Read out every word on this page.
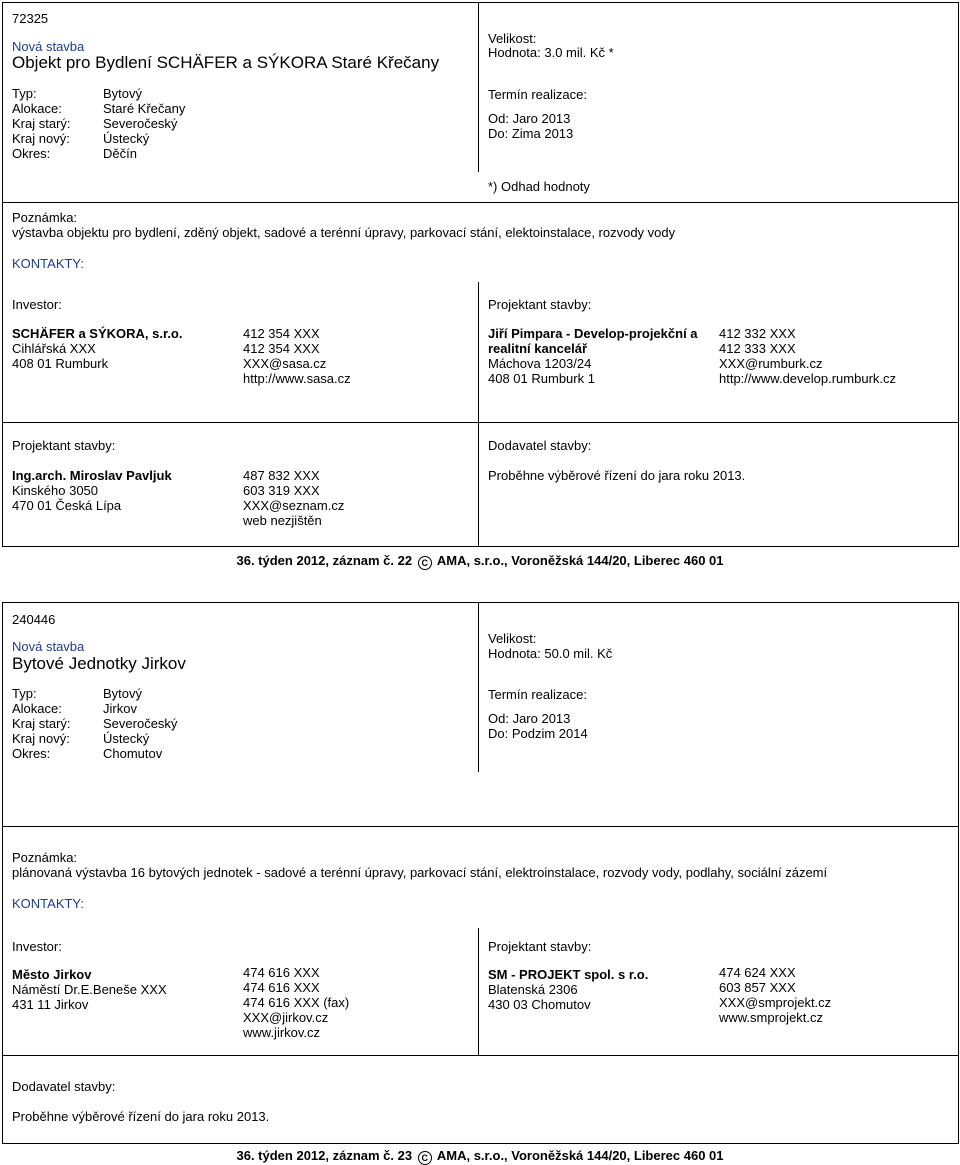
72325
Nová stavba
Objekt pro Bydlení SCHÄFER a SÝKORA Staré Křečany
Typ:	Bytový
Alokace:	Staré Křečany
Kraj starý:	Severočeský
Kraj nový:	Ústecký
Okres:	Děčín
Velikost:
Hodnota: 3.0 mil. Kč *
Termín realizace:
Od: Jaro 2013
Do: Zima 2013
*) Odhad hodnoty
Poznámka:
výstavba objektu pro bydlení, zděný objekt, sadové a terénní úpravy, parkovací stání, elektoinstalace, rozvody vody
KONTAKTY:
Investor:
SCHÄFER a SÝKORA, s.r.o.
Cihlářská XXX
408 01 Rumburk
412 354 XXX
412 354 XXX
XXX@sasa.cz
http://www.sasa.cz
Projektant stavby:
Jiří Pimpara - Develop-projekční a
realitní kancelář
Máchova 1203/24
408 01 Rumburk 1
412 332 XXX
412 333 XXX
XXX@rumburk.cz
http://www.develop.rumburk.cz
Projektant stavby:
Ing.arch. Miroslav Pavljuk
Kinského 3050
470 01 Česká Lípa
487 832 XXX
603 319 XXX
XXX@seznam.cz
web nezjištěn
Dodavatel stavby:
Proběhne výběrové řízení do jara roku 2013.
36. týden 2012, záznam č. 22 C AMA, s.r.o., Voroněžská 144/20, Liberec 460 01
240446
Nová stavba
Bytové Jednotky Jirkov
Typ:	Bytový
Alokace:	Jirkov
Kraj starý:	Severočeský
Kraj nový:	Ústecký
Okres:	Chomutov
Velikost:
Hodnota: 50.0 mil. Kč
Termín realizace:
Od: Jaro 2013
Do: Podzim 2014
Poznámka:
plánovaná výstavba 16 bytových jednotek - sadové a terénní úpravy, parkovací stání, elektroinstalace, rozvody vody, podlahy, sociální zázemí
KONTAKTY:
Investor:
Město Jirkov
Náměstí Dr.E.Beneše XXX
431 11 Jirkov
474 616 XXX
474 616 XXX
474 616 XXX (fax)
XXX@jirkov.cz
www.jirkov.cz
Projektant stavby:
SM - PROJEKT spol. s r.o.
Blatenská 2306
430 03 Chomutov
474 624 XXX
603 857 XXX
XXX@smprojekt.cz
www.smprojekt.cz
Dodavatel stavby:
Proběhne výběrové řízení do jara roku 2013.
36. týden 2012, záznam č. 23 C AMA, s.r.o., Voroněžská 144/20, Liberec 460 01
